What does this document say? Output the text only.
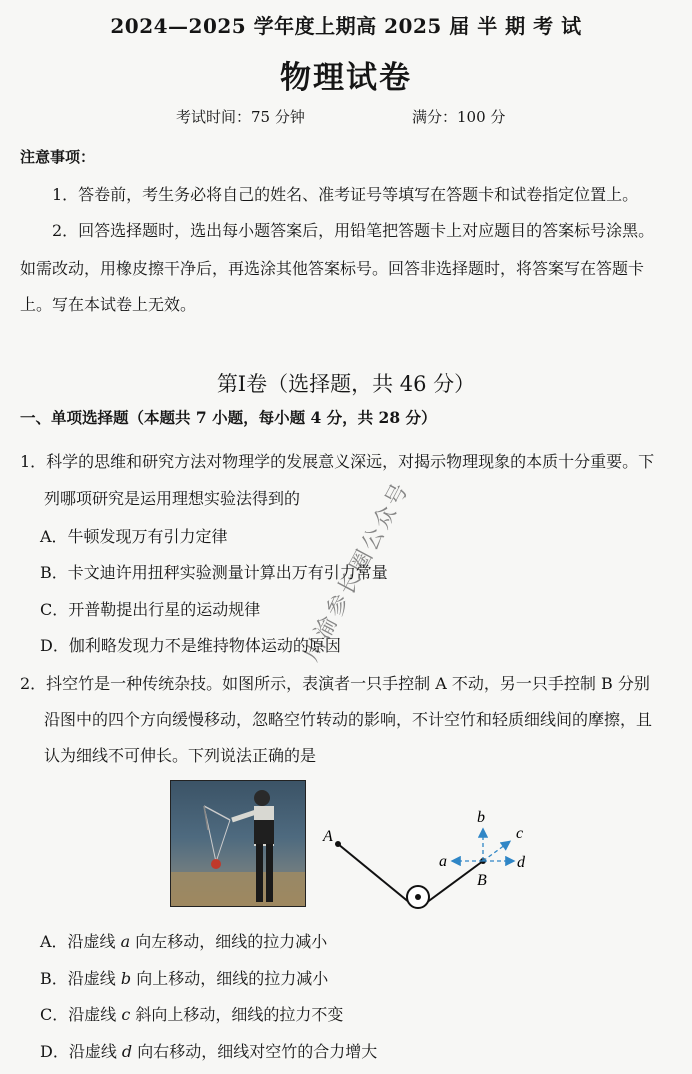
2024—2025 学年度上期高 2025 届 半 期 考 试
物理试卷
考试时间：75 分钟	满分：100 分
注意事项：
1．答卷前，考生务必将自己的姓名、准考证号等填写在答题卡和试卷指定位置上。
2．回答选择题时，选出每小题答案后，用铅笔把答题卡上对应题目的答案标号涂黑。
如需改动，用橡皮擦干净后，再选涂其他答案标号。回答非选择题时，将答案写在答题卡
上。写在本试卷上无效。
第I卷（选择题，共 46 分）
一、单项选择题（本题共 7 小题，每小题 4 分，共 28 分）
1．科学的思维和研究方法对物理学的发展意义深远，对揭示物理现象的本质十分重要。下
列哪项研究是运用理想实验法得到的
A．牛顿发现万有引力定律
B．卡文迪许用扭秤实验测量计算出万有引力常量
C．开普勒提出行星的运动规律
D．伽利略发现力不是维持物体运动的原因
2．抖空竹是一种传统杂技。如图所示，表演者一只手控制 A 不动，另一只手控制 B 分别
沿图中的四个方向缓慢移动，忽略空竹转动的影响，不计空竹和轻质细线间的摩擦，且
认为细线不可伸长。下列说法正确的是
A
B
a
b
c
d
A．沿虚线 a 向左移动，细线的拉力减小
B．沿虚线 b 向上移动，细线的拉力减小
C．沿虚线 c 斜向上移动，细线的拉力不变
D．沿虚线 d 向右移动，细线对空竹的合力增大
川渝参长圈公众号
